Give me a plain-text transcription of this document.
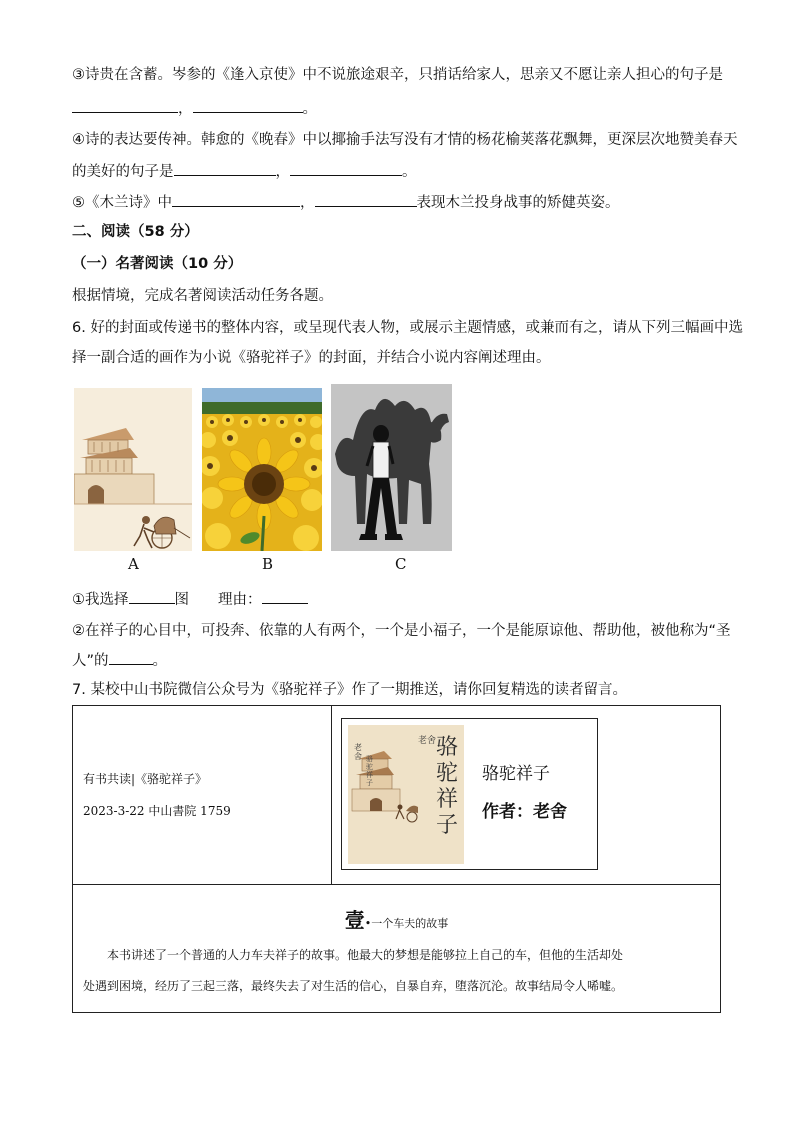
③诗贵在含蓄。岑参的《逢入京使》中不说旅途艰辛，只捎话给家人，思亲又不愿让亲人担心的句子是
，	。
④诗的表达要传神。韩愈的《晚春》中以揶揄手法写没有才情的杨花榆荚落花飘舞，更深层次地赞美春天
的美好的句子是	，	。
⑤《木兰诗》中	，	表现木兰投身战事的矫健英姿。
二、阅读（58 分）
（一）名著阅读（10 分）
根据情境，完成名著阅读活动任务各题。
6. 好的封面或传递书的整体内容，或呈现代表人物，或展示主题情感，或兼而有之，请从下列三幅画中选
择一副合适的画作为小说《骆驼祥子》的封面，并结合小说内容阐述理由。
A	B	C
①我选择	图　　理由：
②在祥子的心目中，可投奔、依靠的人有两个，一个是小福子，一个是能原谅他、帮助他，被他称为“圣
人”的	。
7. 某校中山书院微信公众号为《骆驼祥子》作了一期推送，请你回复精选的读者留言。
有书共读|《骆驼祥子》
2023-3-22 中山書院 1759
老舍 骆驼祥子
老舍 骆驼祥子
骆驼祥子
作者：老舍
壹•一个车夫的故事
本书讲述了一个普通的人力车夫祥子的故事。他最大的梦想是能够拉上自己的车，但他的生活却处
处遇到困境，经历了三起三落，最终失去了对生活的信心，自暴自弃，堕落沉沦。故事结局令人唏嘘。
